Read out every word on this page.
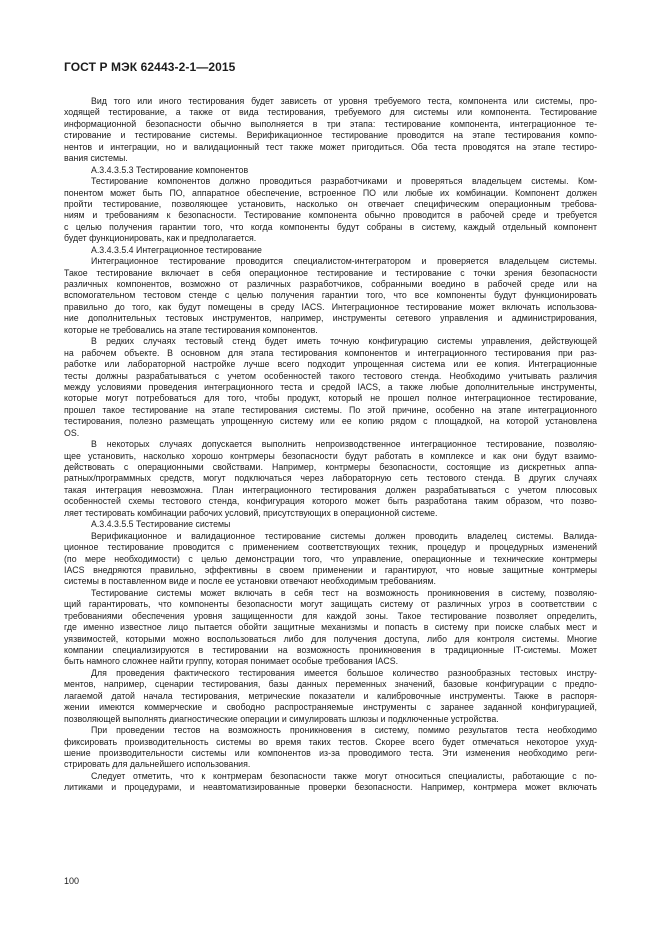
ГОСТ Р МЭК 62443-2-1—2015
Вид того или иного тестирования будет зависеть от уровня требуемого теста, компонента или системы, про-
ходящей тестирование, а также от вида тестирования, требуемого для системы или компонента. Тестирование
информационной безопасности обычно выполняется в три этапа: тестирование компонента, интеграционное те-
стирование и тестирование системы. Верификационное тестирование проводится на этапе тестирования компо-
нентов и интеграции, но и валидационный тест также может пригодиться. Оба теста проводятся на этапе тестиро-
вания системы.
А.3.4.3.5.3 Тестирование компонентов
Тестирование компонентов должно проводиться разработчиками и проверяться владельцем системы. Ком-
понентом может быть ПО, аппаратное обеспечение, встроенное ПО или любые их комбинации. Компонент должен
пройти тестирование, позволяющее установить, насколько он отвечает специфическим операционным требова-
ниям и требованиям к безопасности. Тестирование компонента обычно проводится в рабочей среде и требуется
с целью получения гарантии того, что когда компоненты будут собраны в систему, каждый отдельный компонент
будет функционировать, как и предполагается.
А.3.4.3.5.4 Интеграционное тестирование
Интеграционное тестирование проводится специалистом-интегратором и проверяется владельцем системы.
Такое тестирование включает в себя операционное тестирование и тестирование с точки зрения безопасности
различных компонентов, возможно от различных разработчиков, собранными воедино в рабочей среде или на
вспомогательном тестовом стенде с целью получения гарантии того, что все компоненты будут функционировать
правильно до того, как будут помещены в среду IACS. Интеграционное тестирование может включать использова-
ние дополнительных тестовых инструментов, например, инструменты сетевого управления и администрирования,
которые не требовались на этапе тестирования компонентов.
В редких случаях тестовый стенд будет иметь точную конфигурацию системы управления, действующей
на рабочем объекте. В основном для этапа тестирования компонентов и интеграционного тестирования при раз-
работке или лабораторной настройке лучше всего подходит упрощенная система или ее копия. Интеграционные
тесты должны разрабатываться с учетом особенностей такого тестового стенда. Необходимо учитывать различия
между условиями проведения интеграционного теста и средой IACS, а также любые дополнительные инструменты,
которые могут потребоваться для того, чтобы продукт, который не прошел полное интеграционное тестирование,
прошел такое тестирование на этапе тестирования системы. По этой причине, особенно на этапе интеграционного
тестирования, полезно размещать упрощенную систему или ее копию рядом с площадкой, на которой установлена
OS.
В некоторых случаях допускается выполнить непроизводственное интеграционное тестирование, позволяю-
щее установить, насколько хорошо контрмеры безопасности будут работать в комплексе и как они будут взаимо-
действовать с операционными свойствами. Например, контрмеры безопасности, состоящие из дискретных аппа-
ратных/программных средств, могут подключаться через лабораторную сеть тестового стенда. В других случаях
такая интеграция невозможна. План интеграционного тестирования должен разрабатываться с учетом плюсовых
особенностей схемы тестового стенда, конфигурация которого может быть разработана таким образом, что позво-
ляет тестировать комбинации рабочих условий, присутствующих в операционной системе.
А.3.4.3.5.5 Тестирование системы
Верификационное и валидационное тестирование системы должен проводить владелец системы. Валида-
ционное тестирование проводится с применением соответствующих техник, процедур и процедурных изменений
(по мере необходимости) с целью демонстрации того, что управление, операционные и технические контрмеры
IACS внедряются правильно, эффективны в своем применении и гарантируют, что новые защитные контрмеры
системы в поставленном виде и после ее установки отвечают необходимым требованиям.
Тестирование системы может включать в себя тест на возможность проникновения в систему, позволяю-
щий гарантировать, что компоненты безопасности могут защищать систему от различных угроз в соответствии с
требованиями обеспечения уровня защищенности для каждой зоны. Такое тестирование позволяет определить,
где именно известное лицо пытается обойти защитные механизмы и попасть в систему при поиске слабых мест и
уязвимостей, которыми можно воспользоваться либо для получения доступа, либо для контроля системы. Многие
компании специализируются в тестировании на возможность проникновения в традиционные IT-системы. Может
быть намного сложнее найти группу, которая понимает особые требования IACS.
Для проведения фактического тестирования имеется большое количество разнообразных тестовых инстру-
ментов, например, сценарии тестирования, базы данных переменных значений, базовые конфигурации с предпо-
лагаемой датой начала тестирования, метрические показатели и калибровочные инструменты. Также в распоря-
жении имеются коммерческие и свободно распространяемые инструменты с заранее заданной конфигурацией,
позволяющей выполнять диагностические операции и симулировать шлюзы и подключенные устройства.
При проведении тестов на возможность проникновения в систему, помимо результатов теста необходимо
фиксировать производительность системы во время таких тестов. Скорее всего будет отмечаться некоторое ухуд-
шение производительности системы или компонентов из-за проводимого теста. Эти изменения необходимо реги-
стрировать для дальнейшего использования.
Следует отметить, что к контрмерам безопасности также могут относиться специалисты, работающие с по-
литиками и процедурами, и неавтоматизированные проверки безопасности. Например, контрмера может включать
100
